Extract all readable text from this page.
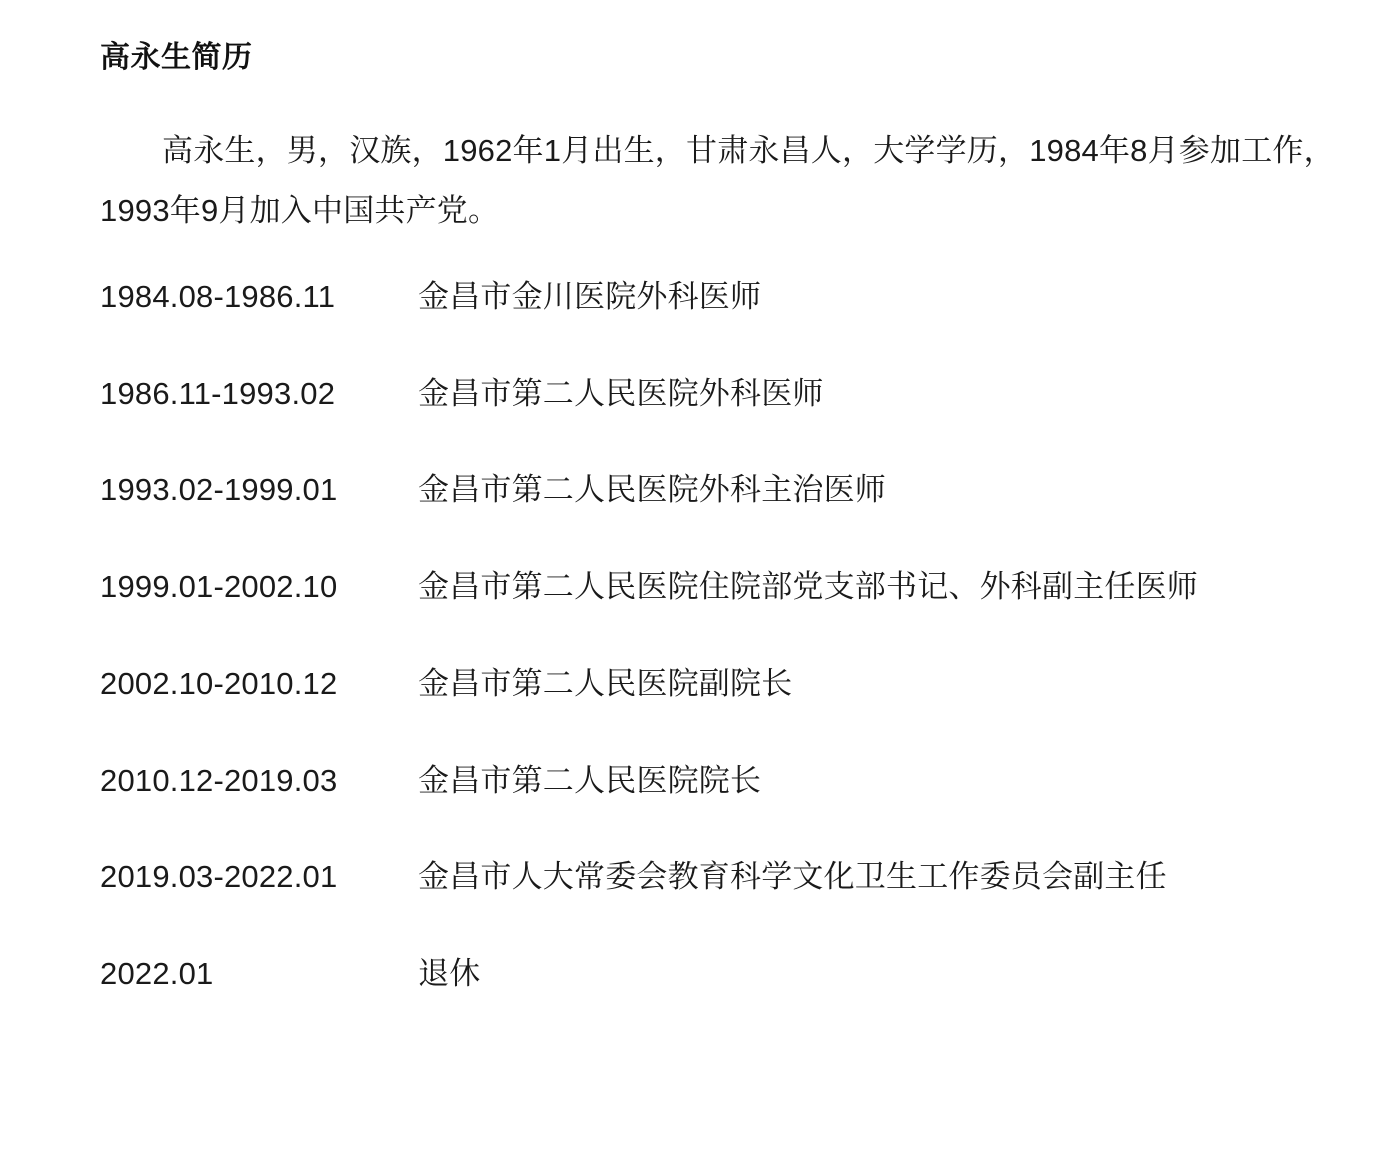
高永生简历

高永生，男，汉族，1962年1月出生，甘肃永昌人，大学学历，1984年8月参加工作，1993年9月加入中国共产党。

1984.08-1986.11	金昌市金川医院外科医师
1986.11-1993.02	金昌市第二人民医院外科医师
1993.02-1999.01	金昌市第二人民医院外科主治医师
1999.01-2002.10	金昌市第二人民医院住院部党支部书记、外科副主任医师
2002.10-2010.12	金昌市第二人民医院副院长
2010.12-2019.03	金昌市第二人民医院院长
2019.03-2022.01	金昌市人大常委会教育科学文化卫生工作委员会副主任
2022.01	退休
